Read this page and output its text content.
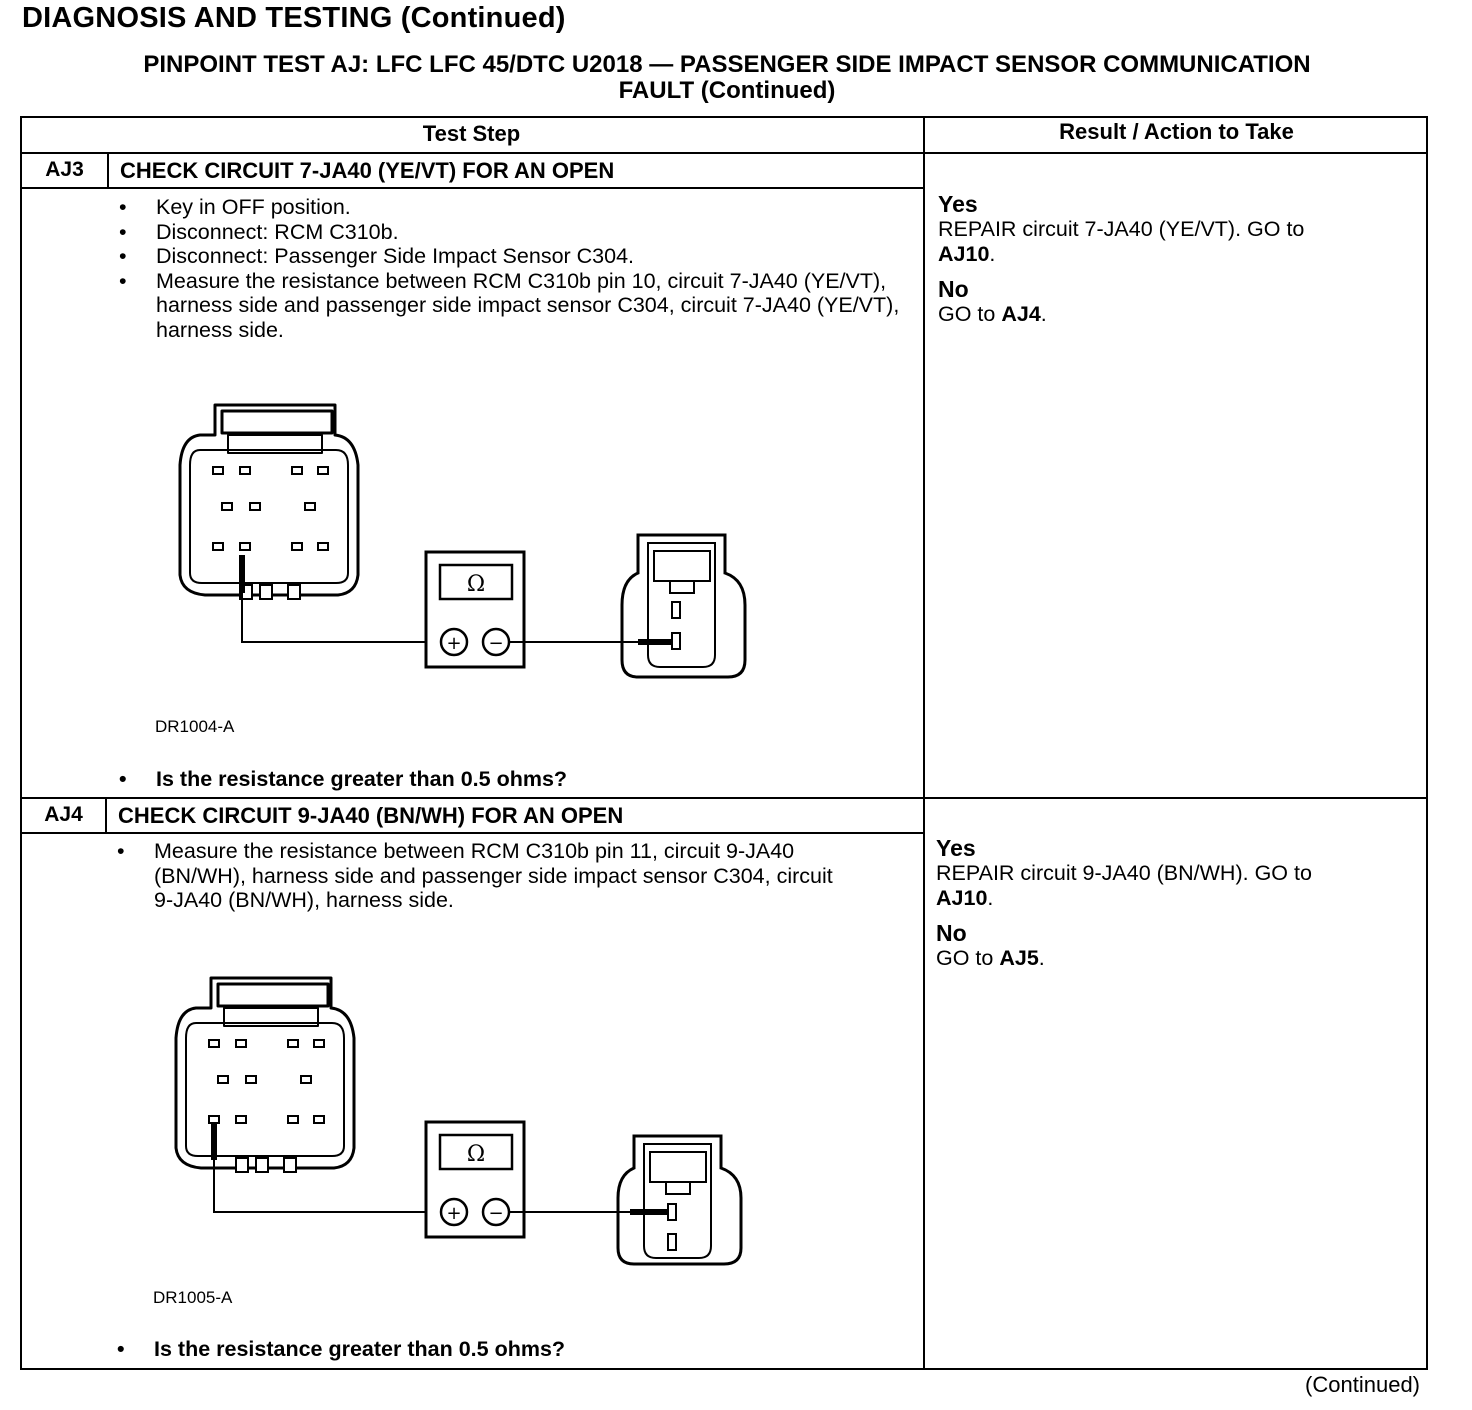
DIAGNOSIS AND TESTING (Continued)
PINPOINT TEST AJ: LFC LFC 45/DTC U2018 — PASSENGER SIDE IMPACT SENSOR COMMUNICATION
FAULT (Continued)
Test Step	Result / Action to Take
AJ3	CHECK CIRCUIT 7-JA40 (YE/VT) FOR AN OPEN
• Key in OFF position.
• Disconnect: RCM C310b.
• Disconnect: Passenger Side Impact Sensor C304.
• Measure the resistance between RCM C310b pin 10, circuit 7-JA40 (YE/VT), harness side and passenger side impact sensor C304, circuit 7-JA40 (YE/VT), harness side.
Ω
+ −
DR1004-A
• Is the resistance greater than 0.5 ohms?
Yes
REPAIR circuit 7-JA40 (YE/VT). GO to
AJ10.
No
GO to AJ4.
AJ4	CHECK CIRCUIT 9-JA40 (BN/WH) FOR AN OPEN
• Measure the resistance between RCM C310b pin 11, circuit 9-JA40 (BN/WH), harness side and passenger side impact sensor C304, circuit 9-JA40 (BN/WH), harness side.
Ω
+ −
DR1005-A
• Is the resistance greater than 0.5 ohms?
Yes
REPAIR circuit 9-JA40 (BN/WH). GO to
AJ10.
No
GO to AJ5.
(Continued)
